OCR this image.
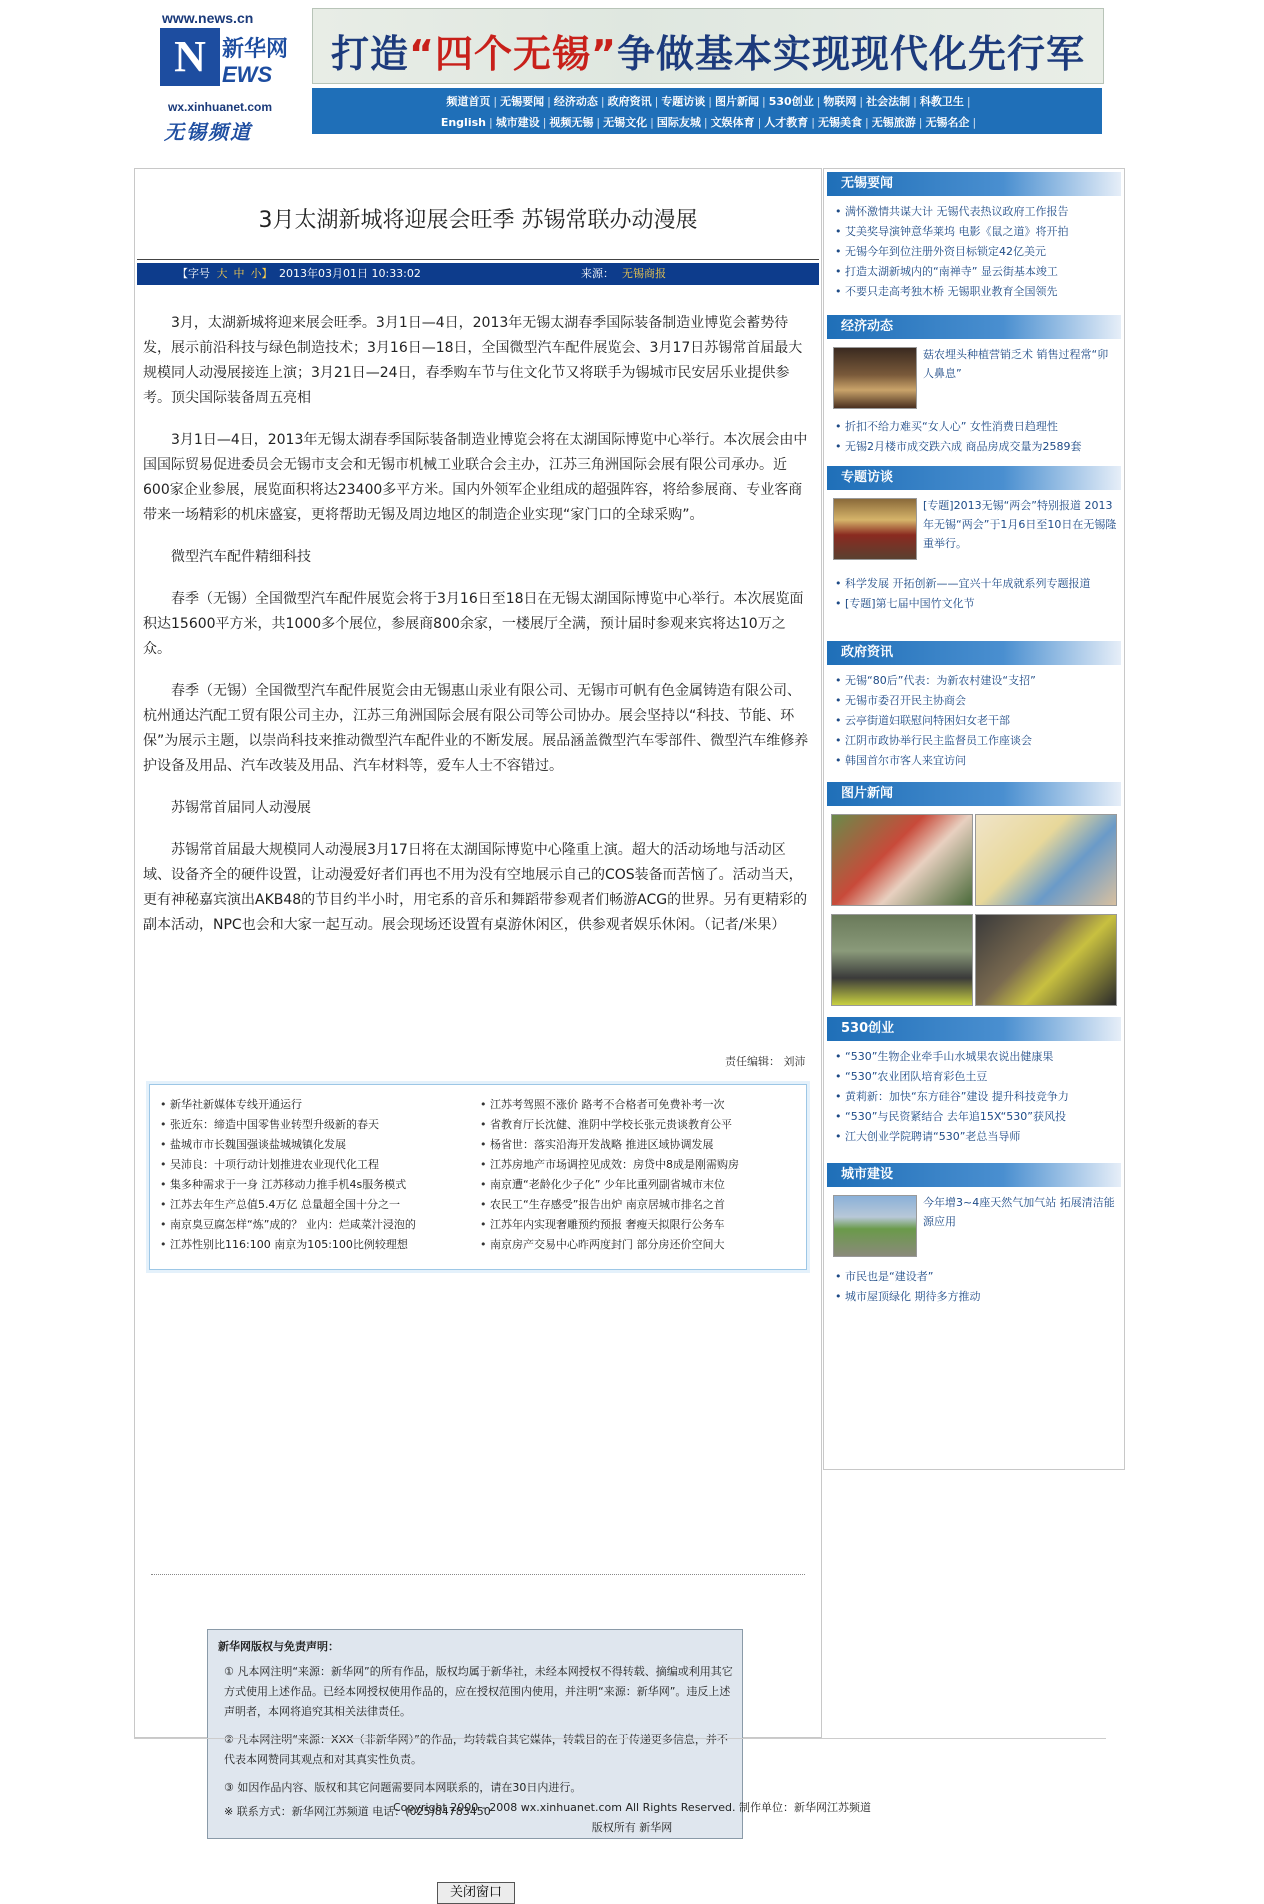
www.news.cn
N 新华网
EWS
wx.xinhuanet.com
无锡频道
打造“四个无锡”争做基本实现现代化先行军
频道首页 | 无锡要闻 | 经济动态 | 政府资讯 | 专题访谈 | 图片新闻 | 530创业 | 物联网 | 社会法制 | 科教卫生 |
English | 城市建设 | 视频无锡 | 无锡文化 | 国际友城 | 文娱体育 | 人才教育 | 无锡美食 | 无锡旅游 | 无锡名企 |
3月太湖新城将迎展会旺季 苏锡常联办动漫展
【字号 大 中 小】 2013年03月01日 10:33:02	来源： 无锡商报

3月，太湖新城将迎来展会旺季。3月1日—4日，2013年无锡太湖春季国际装备制造业博览会蓄势待发，展示前沿科技与绿色制造技术；3月16日—18日，全国微型汽车配件展览会、3月17日苏锡常首届最大规模同人动漫展接连上演；3月21日—24日，春季购车节与住文化节又将联手为锡城市民安居乐业提供参考。顶尖国际装备周五亮相

3月1日—4日，2013年无锡太湖春季国际装备制造业博览会将在太湖国际博览中心举行。本次展会由中国国际贸易促进委员会无锡市支会和无锡市机械工业联合会主办，江苏三角洲国际会展有限公司承办。近600家企业参展，展览面积将达23400多平方米。国内外领军企业组成的超强阵容，将给参展商、专业客商带来一场精彩的机床盛宴，更将帮助无锡及周边地区的制造企业实现“家门口的全球采购”。

微型汽车配件精细科技

春季（无锡）全国微型汽车配件展览会将于3月16日至18日在无锡太湖国际博览中心举行。本次展览面积达15600平方米，共1000多个展位，参展商800余家，一楼展厅全满，预计届时参观来宾将达10万之众。

春季（无锡）全国微型汽车配件展览会由无锡惠山汞业有限公司、无锡市可帆有色金属铸造有限公司、杭州通达汽配工贸有限公司主办，江苏三角洲国际会展有限公司等公司协办。展会坚持以“科技、节能、环保”为展示主题，以崇尚科技来推动微型汽车配件业的不断发展。展品涵盖微型汽车零部件、微型汽车维修养护设备及用品、汽车改装及用品、汽车材料等，爱车人士不容错过。

苏锡常首届同人动漫展

苏锡常首届最大规模同人动漫展3月17日将在太湖国际博览中心隆重上演。超大的活动场地与活动区域、设备齐全的硬件设置，让动漫爱好者们再也不用为没有空地展示自己的COS装备而苦恼了。活动当天，更有神秘嘉宾演出AKB48的节目约半小时，用宅系的音乐和舞蹈带参观者们畅游ACG的世界。另有更精彩的副本活动，NPC也会和大家一起互动。展会现场还设置有桌游休闲区，供参观者娱乐休闲。（记者/米果）

责任编辑： 刘沛
• 新华社新媒体专线开通运行
• 张近东：缔造中国零售业转型升级新的春天
• 盐城市市长魏国强谈盐城城镇化发展
• 吴沛良：十项行动计划推进农业现代化工程
• 集多种需求于一身 江苏移动力推手机4s服务模式
• 江苏去年生产总值5.4万亿 总量超全国十分之一
• 南京臭豆腐怎样“炼”成的？ 业内：烂咸菜汁浸泡的
• 江苏性别比116:100 南京为105:100比例较理想
• 江苏考驾照不涨价 路考不合格者可免费补考一次
• 省教育厅长沈健、淮阴中学校长张元贵谈教育公平
• 杨省世：落实沿海开发战略 推进区域协调发展
• 江苏房地产市场调控见成效：房贷中8成是刚需购房
• 南京遭“老龄化少子化” 少年比重列副省城市末位
• 农民工“生存感受”报告出炉 南京居城市排名之首
• 江苏年内实现奢雕预约预报 奢瘦天拟限行公务车
• 南京房产交易中心昨两度封门 部分房还价空间大
新华网版权与免责声明：
① 凡本网注明“来源：新华网”的所有作品，版权均属于新华社，未经本网授权不得转载、摘编或利用其它方式使用上述作品。已经本网授权使用作品的，应在授权范围内使用，并注明“来源：新华网”。违反上述声明者，本网将追究其相关法律责任。
② 凡本网注明“来源：XXX（非新华网）”的作品，均转载自其它媒体，转载目的在于传递更多信息，并不代表本网赞同其观点和对其真实性负责。
③ 如因作品内容、版权和其它问题需要同本网联系的，请在30日内进行。
※ 联系方式：新华网江苏频道 电话：(025)84783450
关闭窗口
无锡要闻
• 满怀激情共谋大计 无锡代表热议政府工作报告
• 艾美奖导演钟意华莱坞 电影《鼠之道》将开拍
• 无锡今年到位注册外资目标锁定42亿美元
• 打造太湖新城内的“南禅寺” 显云街基本竣工
• 不要只走高考独木桥 无锡职业教育全国领先
经济动态
菇农埋头种植营销乏术 销售过程常“卯人鼻息”
• 折扣不给力难买“女人心” 女性消费日趋理性
• 无锡2月楼市成交跌六成 商品房成交量为2589套
专题访谈
[专题]2013无锡“两会”特别报道 2013年无锡“两会”于1月6日至10日在无锡隆重举行。
• 科学发展 开拓创新——宜兴十年成就系列专题报道
• [专题]第七届中国竹文化节
政府资讯
• 无锡“80后”代表：为新农村建设“支招”
• 无锡市委召开民主协商会
• 云亭街道妇联慰问特困妇女老干部
• 江阴市政协举行民主监督员工作座谈会
• 韩国首尔市客人来宜访问
图片新闻
530创业
• “530”生物企业牵手山水城果农说出健康果
• “530”农业团队培育彩色土豆
• 黄莉新：加快“东方硅谷”建设 提升科技竞争力
• “530”与民资紧结合 去年追15X“530”获风投
• 江大创业学院聘请“530”老总当导师
城市建设
今年增3~4座天然气加气站 拓展清洁能源应用
• 市民也是“建设者”
• 城市屋顶绿化 期待多方推动
Copyright 2000 - 2008 wx.xinhuanet.com All Rights Reserved. 制作单位：新华网江苏频道
版权所有 新华网
